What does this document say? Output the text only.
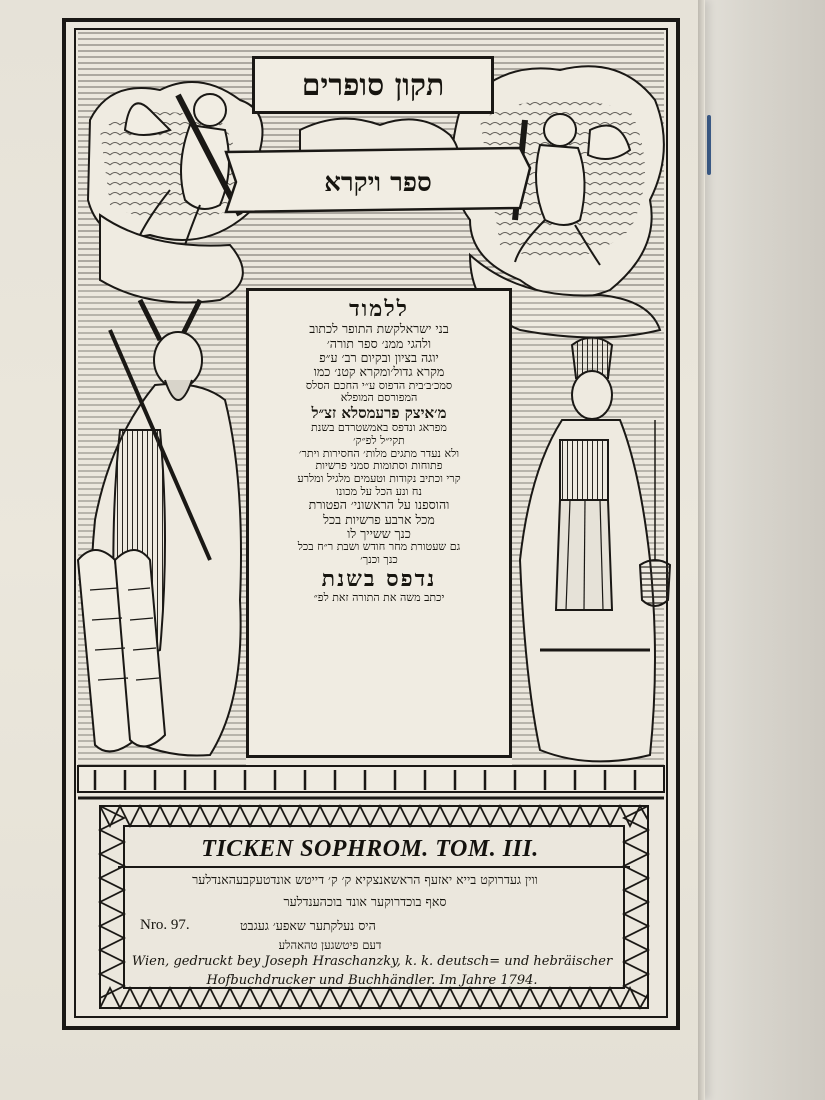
תקון סופרים
ספר ויקרא
ללמוד
בני ישראלקשת התופר לכתוב
ולהגי ממנ׳ ספר תורה׳
יוגה בציון ובקיום רב׳ ע״פ
מקרא גדול׳ומקרא קטנ׳ כמו
סמכ׳ב׳בית הדפוס ע״י החכם הסלס
המפורסם המופלא
מ׳איצק פרעמסלא זצ״ל
מפראג ונדפס באמשטרדם בשנת
תקי״ל לפ״ק׳
ולא נעדר מתגים מלות׳ החסירות ויתר׳
פתוחות וסתומות סמני פרשיות
קרי וכתיב נקודות וטעמים מלגיל ומלרע
נח ונע הכל על מכונו
והוספנו על הראשוני׳ הפטורת
מכל ארבע פרשיות בכל
כנך ששייך לו
גם שעטורת מחר חודש ושבת ר״ח בכל
כנך וכנך׳
נדפס בשנת
יכתב משה את התורה זאת לפ״
TICKEN SOPHROM. TOM. III.
ווין געדרוקט בייא יאזעף הראשאנצקיא ק׳ ק׳ דייטש אונדטעקבעהאנדלער
סאף בוכדרוקער אונד בוכהענדלער
Nro. 97.	היס נעלקתער שאפע׳ געגבט
דעם פיטשגען טהאהלע
Wien, gedruckt bey Joseph Hraschanzky, k. k. deutsch= und hebräischer
Hofbuchdrucker und Buchhändler. Im Jahre 1794.
